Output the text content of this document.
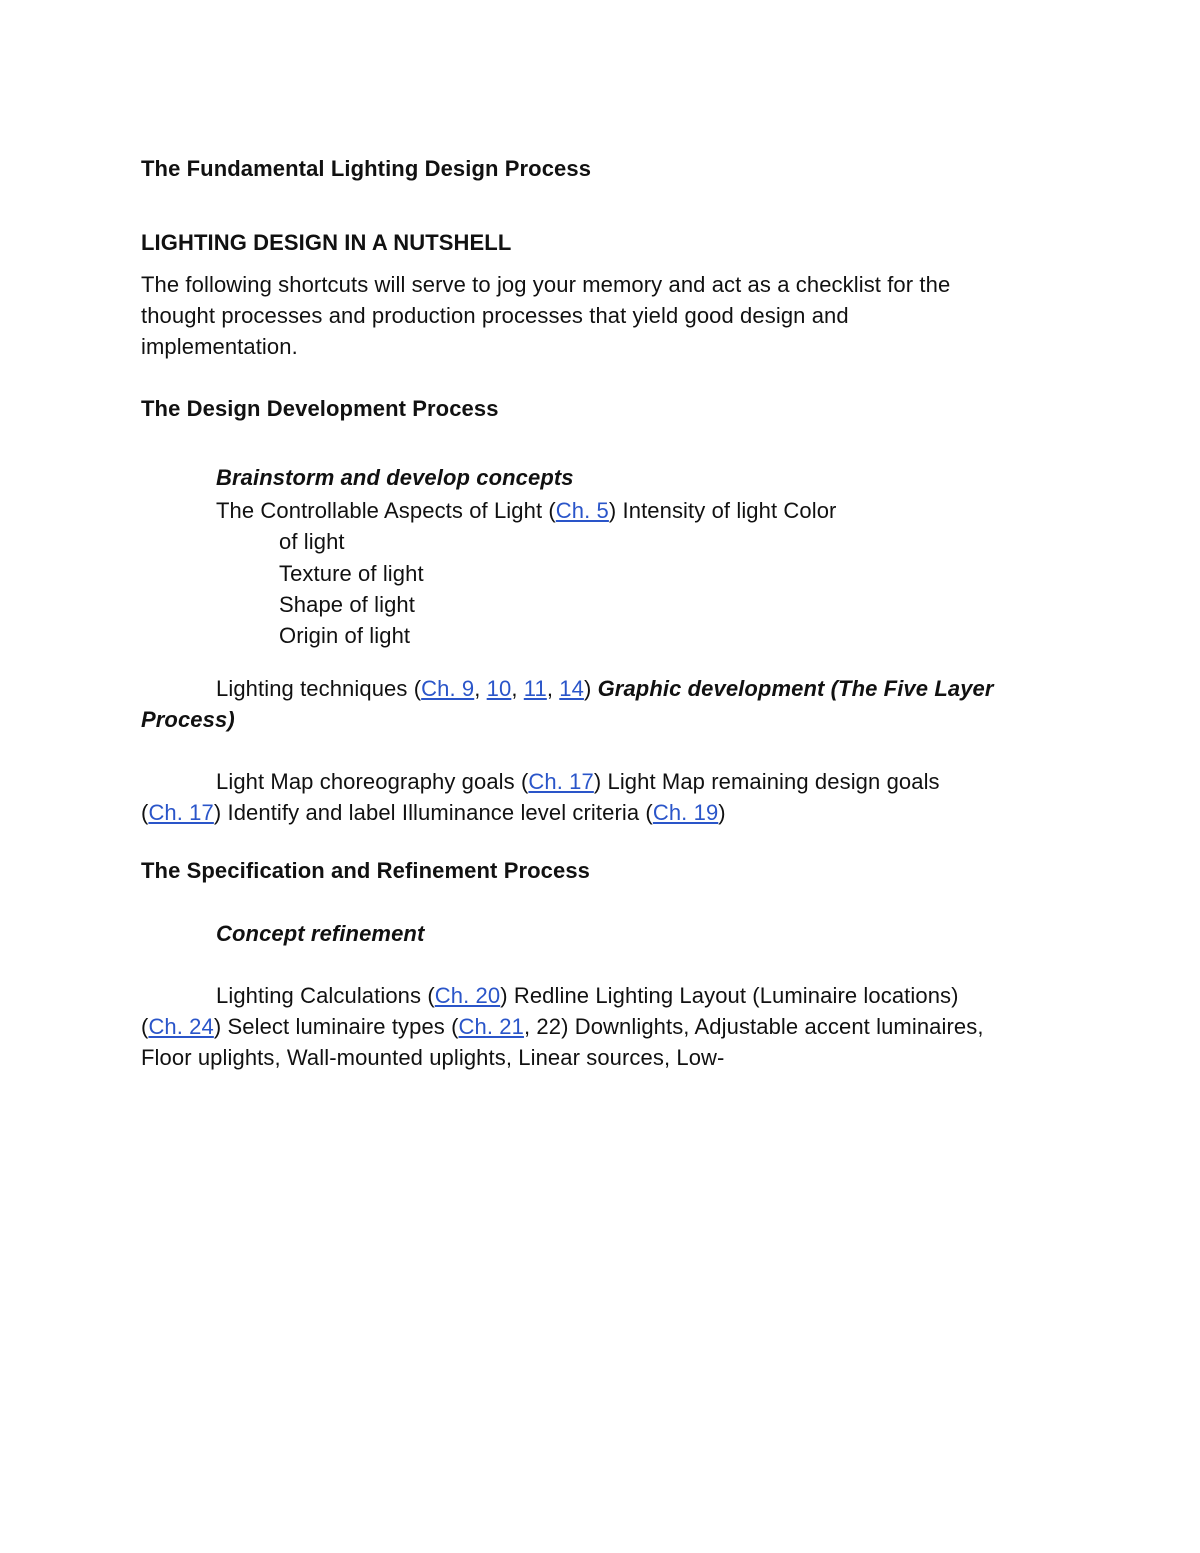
The Fundamental Lighting Design Process
LIGHTING DESIGN IN A NUTSHELL
The following shortcuts will serve to jog your memory and act as a checklist for the
thought processes and production processes that yield good design and
implementation.
The Design Development Process
Brainstorm and develop concepts
The Controllable Aspects of Light (Ch. 5) Intensity of light Color
of light
Texture of light
Shape of light
Origin of light
Lighting techniques (Ch. 9, 10, 11, 14) Graphic development (The Five Layer
Process)
Light Map choreography goals (Ch. 17) Light Map remaining design goals
(Ch. 17) Identify and label Illuminance level criteria (Ch. 19)
The Specification and Refinement Process
Concept refinement
Lighting Calculations (Ch. 20) Redline Lighting Layout (Luminaire locations)
(Ch. 24) Select luminaire types (Ch. 21, 22) Downlights, Adjustable accent luminaires,
Floor uplights, Wall-mounted uplights, Linear sources, Low-
